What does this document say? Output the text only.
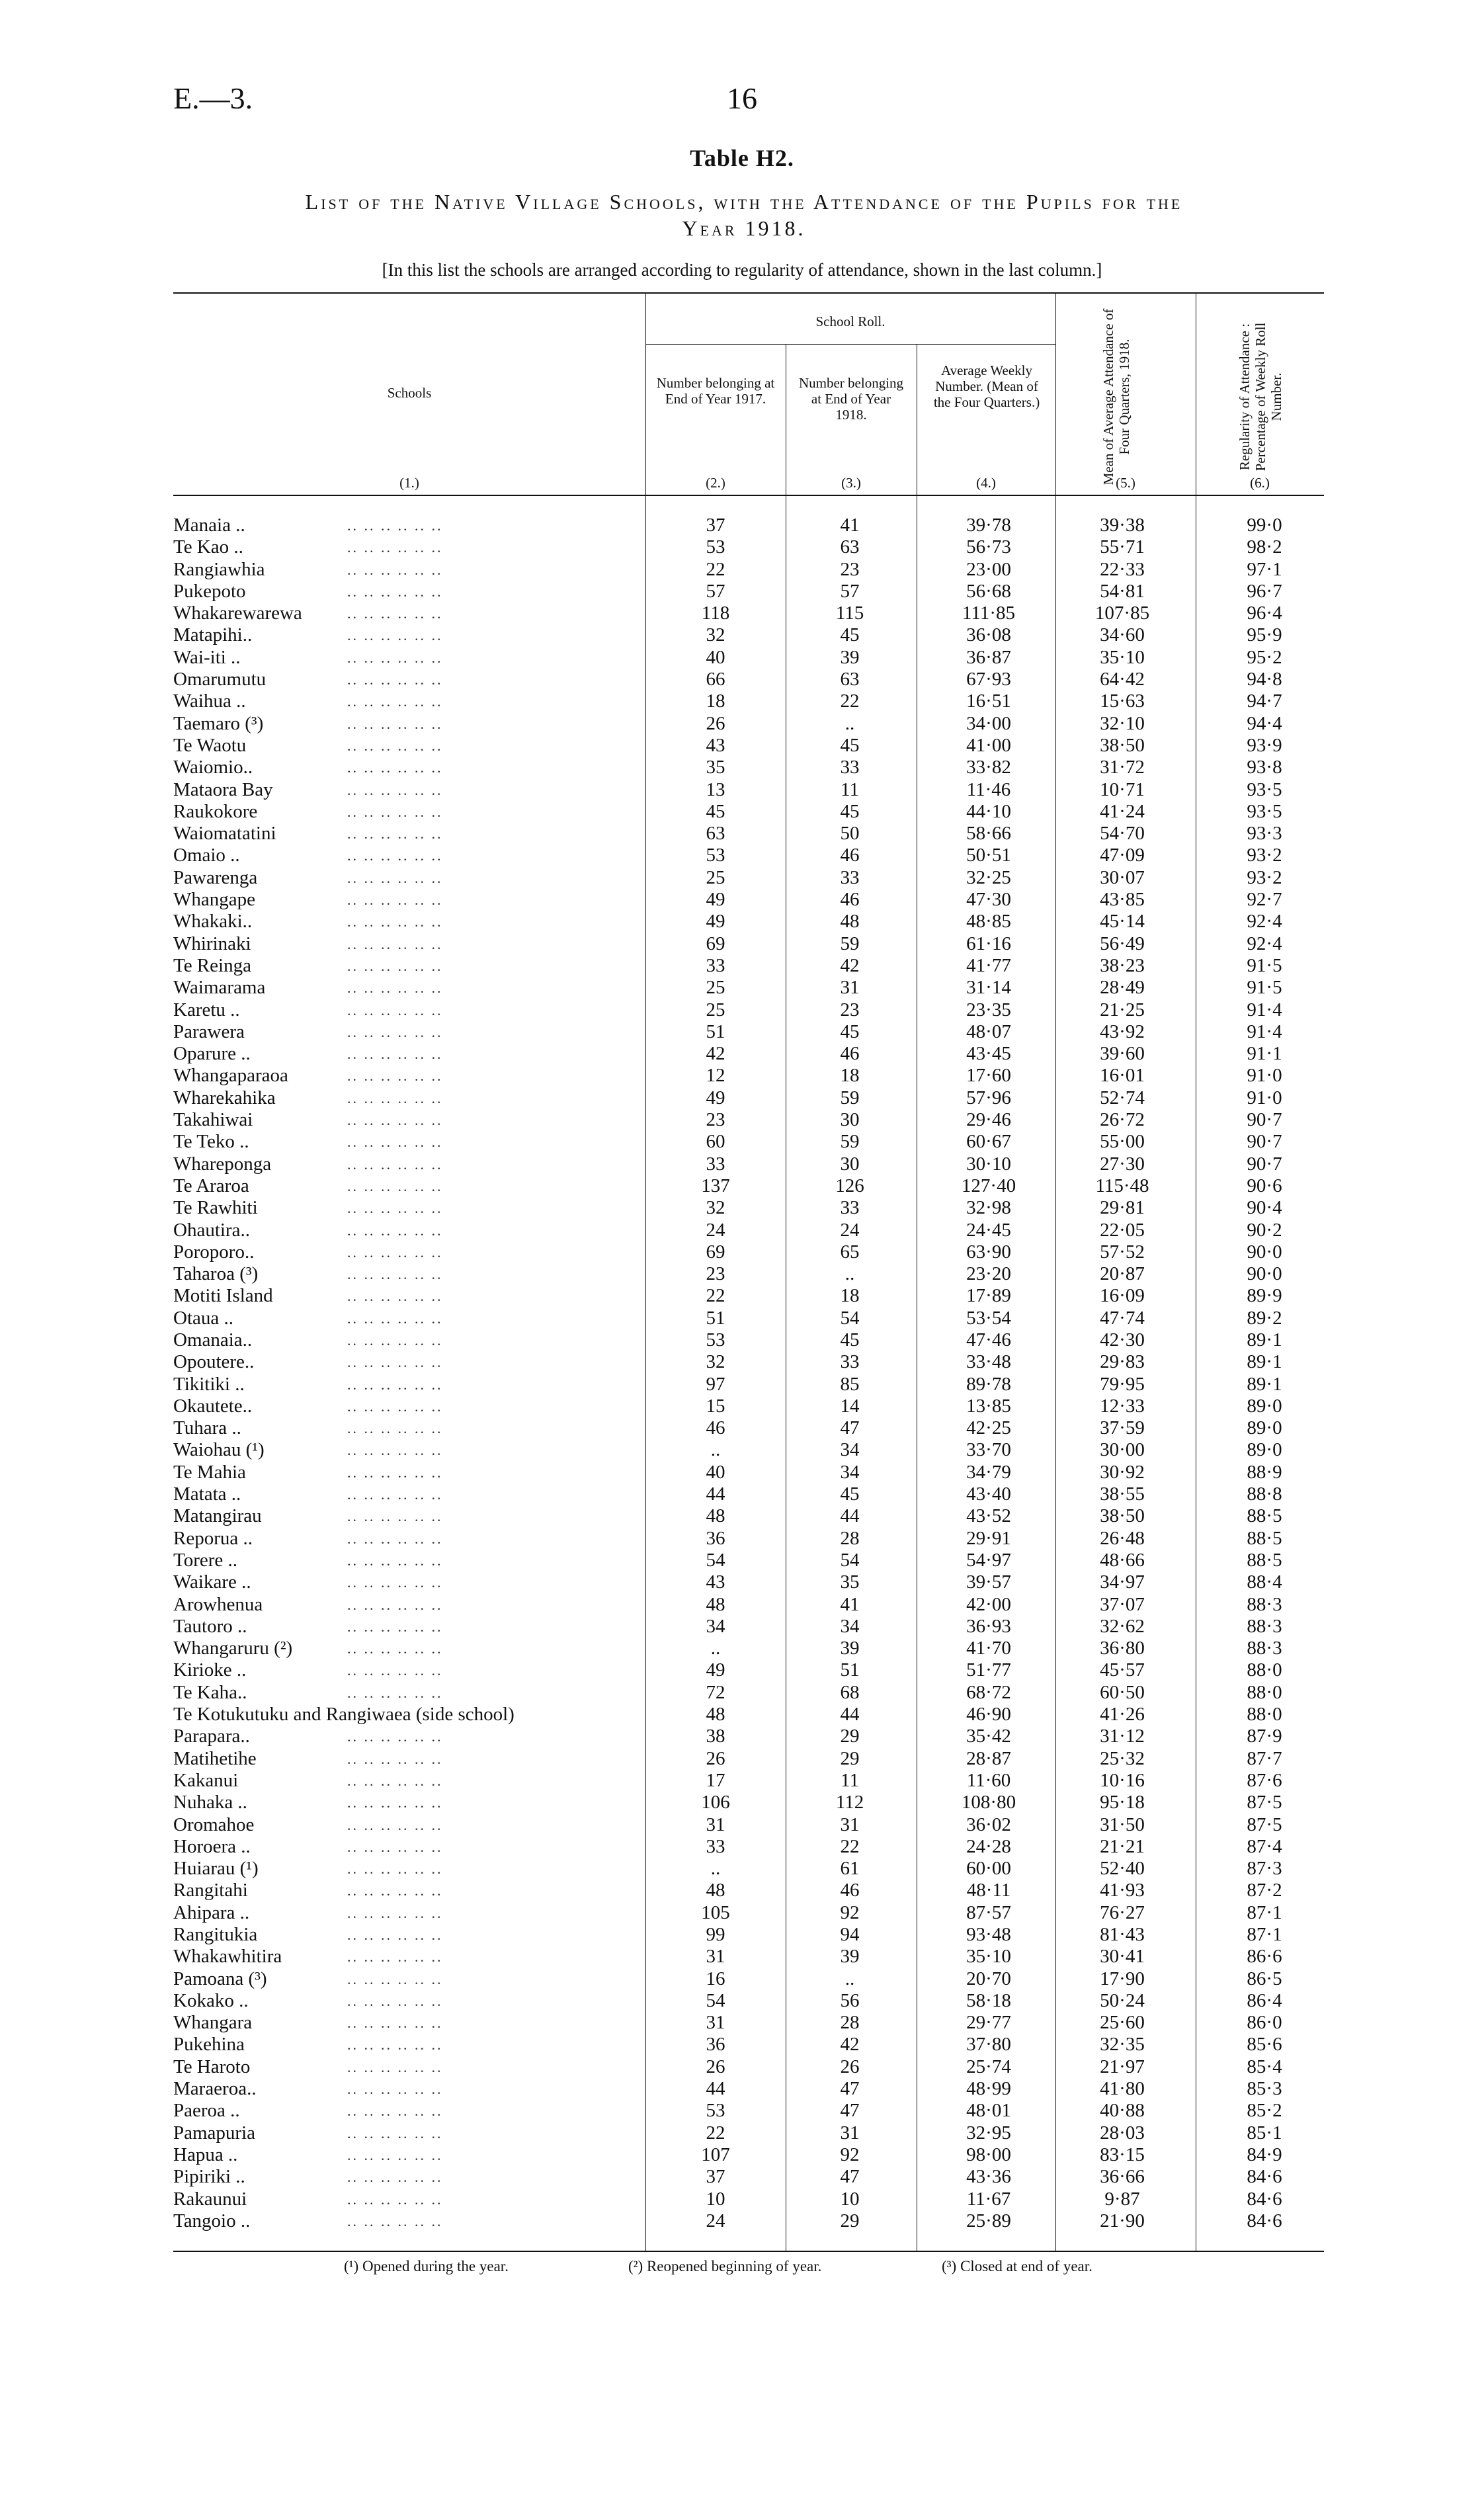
E.—3.	16
Table H2.
List of the Native Village Schools, with the Attendance of the Pupils for the
Year 1918.
[In this list the schools are arranged according to regularity of attendance, shown in the last column.]
Schools
School Roll.
Number belonging at End of Year 1917.
Number belonging at End of Year 1918.
Average Weekly Number. (Mean of the Four Quarters.)	Mean of Average Attendance of Four Quarters, 1918.	Regularity of Attendance : Percentage of Weekly Roll Number.
(1.)	(2.)	(3.)	(4.)	(5.)	(6.)
Manaia ..	37	41	39·78	39·38	99·0
.. .. .. .. .. ..
Te Kao ..	53	63	56·73	55·71	98·2
.. .. .. .. .. ..
Rangiawhia	22	23	23·00	22·33	97·1
.. .. .. .. .. ..
Pukepoto	57	57	56·68	54·81	96·7
.. .. .. .. .. ..
Whakarewarewa	118	115	111·85	107·85	96·4
.. .. .. .. .. ..
Matapihi..	32	45	36·08	34·60	95·9
.. .. .. .. .. ..
Wai-iti ..	40	39	36·87	35·10	95·2
.. .. .. .. .. ..
Omarumutu	66	63	67·93	64·42	94·8
.. .. .. .. .. ..
Waihua ..	18	22	16·51	15·63	94·7
.. .. .. .. .. ..
Taemaro (³)	26	..	34·00	32·10	94·4
.. .. .. .. .. ..
Te Waotu	43	45	41·00	38·50	93·9
.. .. .. .. .. ..
Waiomio..	35	33	33·82	31·72	93·8
.. .. .. .. .. ..
Mataora Bay	13	11	11·46	10·71	93·5
.. .. .. .. .. ..
Raukokore	45	45	44·10	41·24	93·5
.. .. .. .. .. ..
Waiomatatini	63	50	58·66	54·70	93·3
.. .. .. .. .. ..
Omaio ..	53	46	50·51	47·09	93·2
.. .. .. .. .. ..
Pawarenga	25	33	32·25	30·07	93·2
.. .. .. .. .. ..
Whangape	49	46	47·30	43·85	92·7
.. .. .. .. .. ..
Whakaki..	49	48	48·85	45·14	92·4
.. .. .. .. .. ..
Whirinaki	69	59	61·16	56·49	92·4
.. .. .. .. .. ..
Te Reinga	33	42	41·77	38·23	91·5
.. .. .. .. .. ..
Waimarama	25	31	31·14	28·49	91·5
.. .. .. .. .. ..
Karetu ..	25	23	23·35	21·25	91·4
.. .. .. .. .. ..
Parawera	51	45	48·07	43·92	91·4
.. .. .. .. .. ..
Oparure ..	42	46	43·45	39·60	91·1
.. .. .. .. .. ..
Whangaparaoa	12	18	17·60	16·01	91·0
.. .. .. .. .. ..
Wharekahika	49	59	57·96	52·74	91·0
.. .. .. .. .. ..
Takahiwai	23	30	29·46	26·72	90·7
.. .. .. .. .. ..
Te Teko ..	60	59	60·67	55·00	90·7
.. .. .. .. .. ..
Whareponga	33	30	30·10	27·30	90·7
.. .. .. .. .. ..
Te Araroa	137	126	127·40	115·48	90·6
.. .. .. .. .. ..
Te Rawhiti	32	33	32·98	29·81	90·4
.. .. .. .. .. ..
Ohautira..	24	24	24·45	22·05	90·2
.. .. .. .. .. ..
Poroporo..	69	65	63·90	57·52	90·0
.. .. .. .. .. ..
Taharoa (³)	23	..	23·20	20·87	90·0
.. .. .. .. .. ..
Motiti Island	22	18	17·89	16·09	89·9
.. .. .. .. .. ..
Otaua ..	51	54	53·54	47·74	89·2
.. .. .. .. .. ..
Omanaia..	53	45	47·46	42·30	89·1
.. .. .. .. .. ..
Opoutere..	32	33	33·48	29·83	89·1
.. .. .. .. .. ..
Tikitiki ..	97	85	89·78	79·95	89·1
.. .. .. .. .. ..
Okautete..	15	14	13·85	12·33	89·0
.. .. .. .. .. ..
Tuhara ..	46	47	42·25	37·59	89·0
.. .. .. .. .. ..
Waiohau (¹)	..	34	33·70	30·00	89·0
.. .. .. .. .. ..
Te Mahia	40	34	34·79	30·92	88·9
.. .. .. .. .. ..
Matata ..	44	45	43·40	38·55	88·8
.. .. .. .. .. ..
Matangirau	48	44	43·52	38·50	88·5
.. .. .. .. .. ..
Reporua ..	36	28	29·91	26·48	88·5
.. .. .. .. .. ..
Torere ..	54	54	54·97	48·66	88·5
.. .. .. .. .. ..
Waikare ..	43	35	39·57	34·97	88·4
.. .. .. .. .. ..
Arowhenua	48	41	42·00	37·07	88·3
.. .. .. .. .. ..
Tautoro ..	34	34	36·93	32·62	88·3
.. .. .. .. .. ..
Whangaruru (²)	..	39	41·70	36·80	88·3
.. .. .. .. .. ..
Kirioke ..	49	51	51·77	45·57	88·0
.. .. .. .. .. ..
Te Kaha..	72	68	68·72	60·50	88·0
.. .. .. .. .. ..
Te Kotukutuku and Rangiwaea (side school)	48	44	46·90	41·26	88·0
Parapara..	38	29	35·42	31·12	87·9
.. .. .. .. .. ..
Matihetihe	26	29	28·87	25·32	87·7
.. .. .. .. .. ..
Kakanui	17	11	11·60	10·16	87·6
.. .. .. .. .. ..
Nuhaka ..	106	112	108·80	95·18	87·5
.. .. .. .. .. ..
Oromahoe	31	31	36·02	31·50	87·5
.. .. .. .. .. ..
Horoera ..	33	22	24·28	21·21	87·4
.. .. .. .. .. ..
Huiarau (¹)	..	61	60·00	52·40	87·3
.. .. .. .. .. ..
Rangitahi	48	46	48·11	41·93	87·2
.. .. .. .. .. ..
Ahipara ..	105	92	87·57	76·27	87·1
.. .. .. .. .. ..
Rangitukia	99	94	93·48	81·43	87·1
.. .. .. .. .. ..
Whakawhitira	31	39	35·10	30·41	86·6
.. .. .. .. .. ..
Pamoana (³)	16	..	20·70	17·90	86·5
.. .. .. .. .. ..
Kokako ..	54	56	58·18	50·24	86·4
.. .. .. .. .. ..
Whangara	31	28	29·77	25·60	86·0
.. .. .. .. .. ..
Pukehina	36	42	37·80	32·35	85·6
.. .. .. .. .. ..
Te Haroto	26	26	25·74	21·97	85·4
.. .. .. .. .. ..
Maraeroa..	44	47	48·99	41·80	85·3
.. .. .. .. .. ..
Paeroa ..	53	47	48·01	40·88	85·2
.. .. .. .. .. ..
Pamapuria	22	31	32·95	28·03	85·1
.. .. .. .. .. ..
Hapua ..	107	92	98·00	83·15	84·9
.. .. .. .. .. ..
Pipiriki ..	37	47	43·36	36·66	84·6
.. .. .. .. .. ..
Rakaunui	10	10	11·67	9·87	84·6
.. .. .. .. .. ..
Tangoio ..	24	29	25·89	21·90	84·6
.. .. .. .. .. ..
(¹) Opened during the year.	(²) Reopened beginning of year.	(³) Closed at end of year.
